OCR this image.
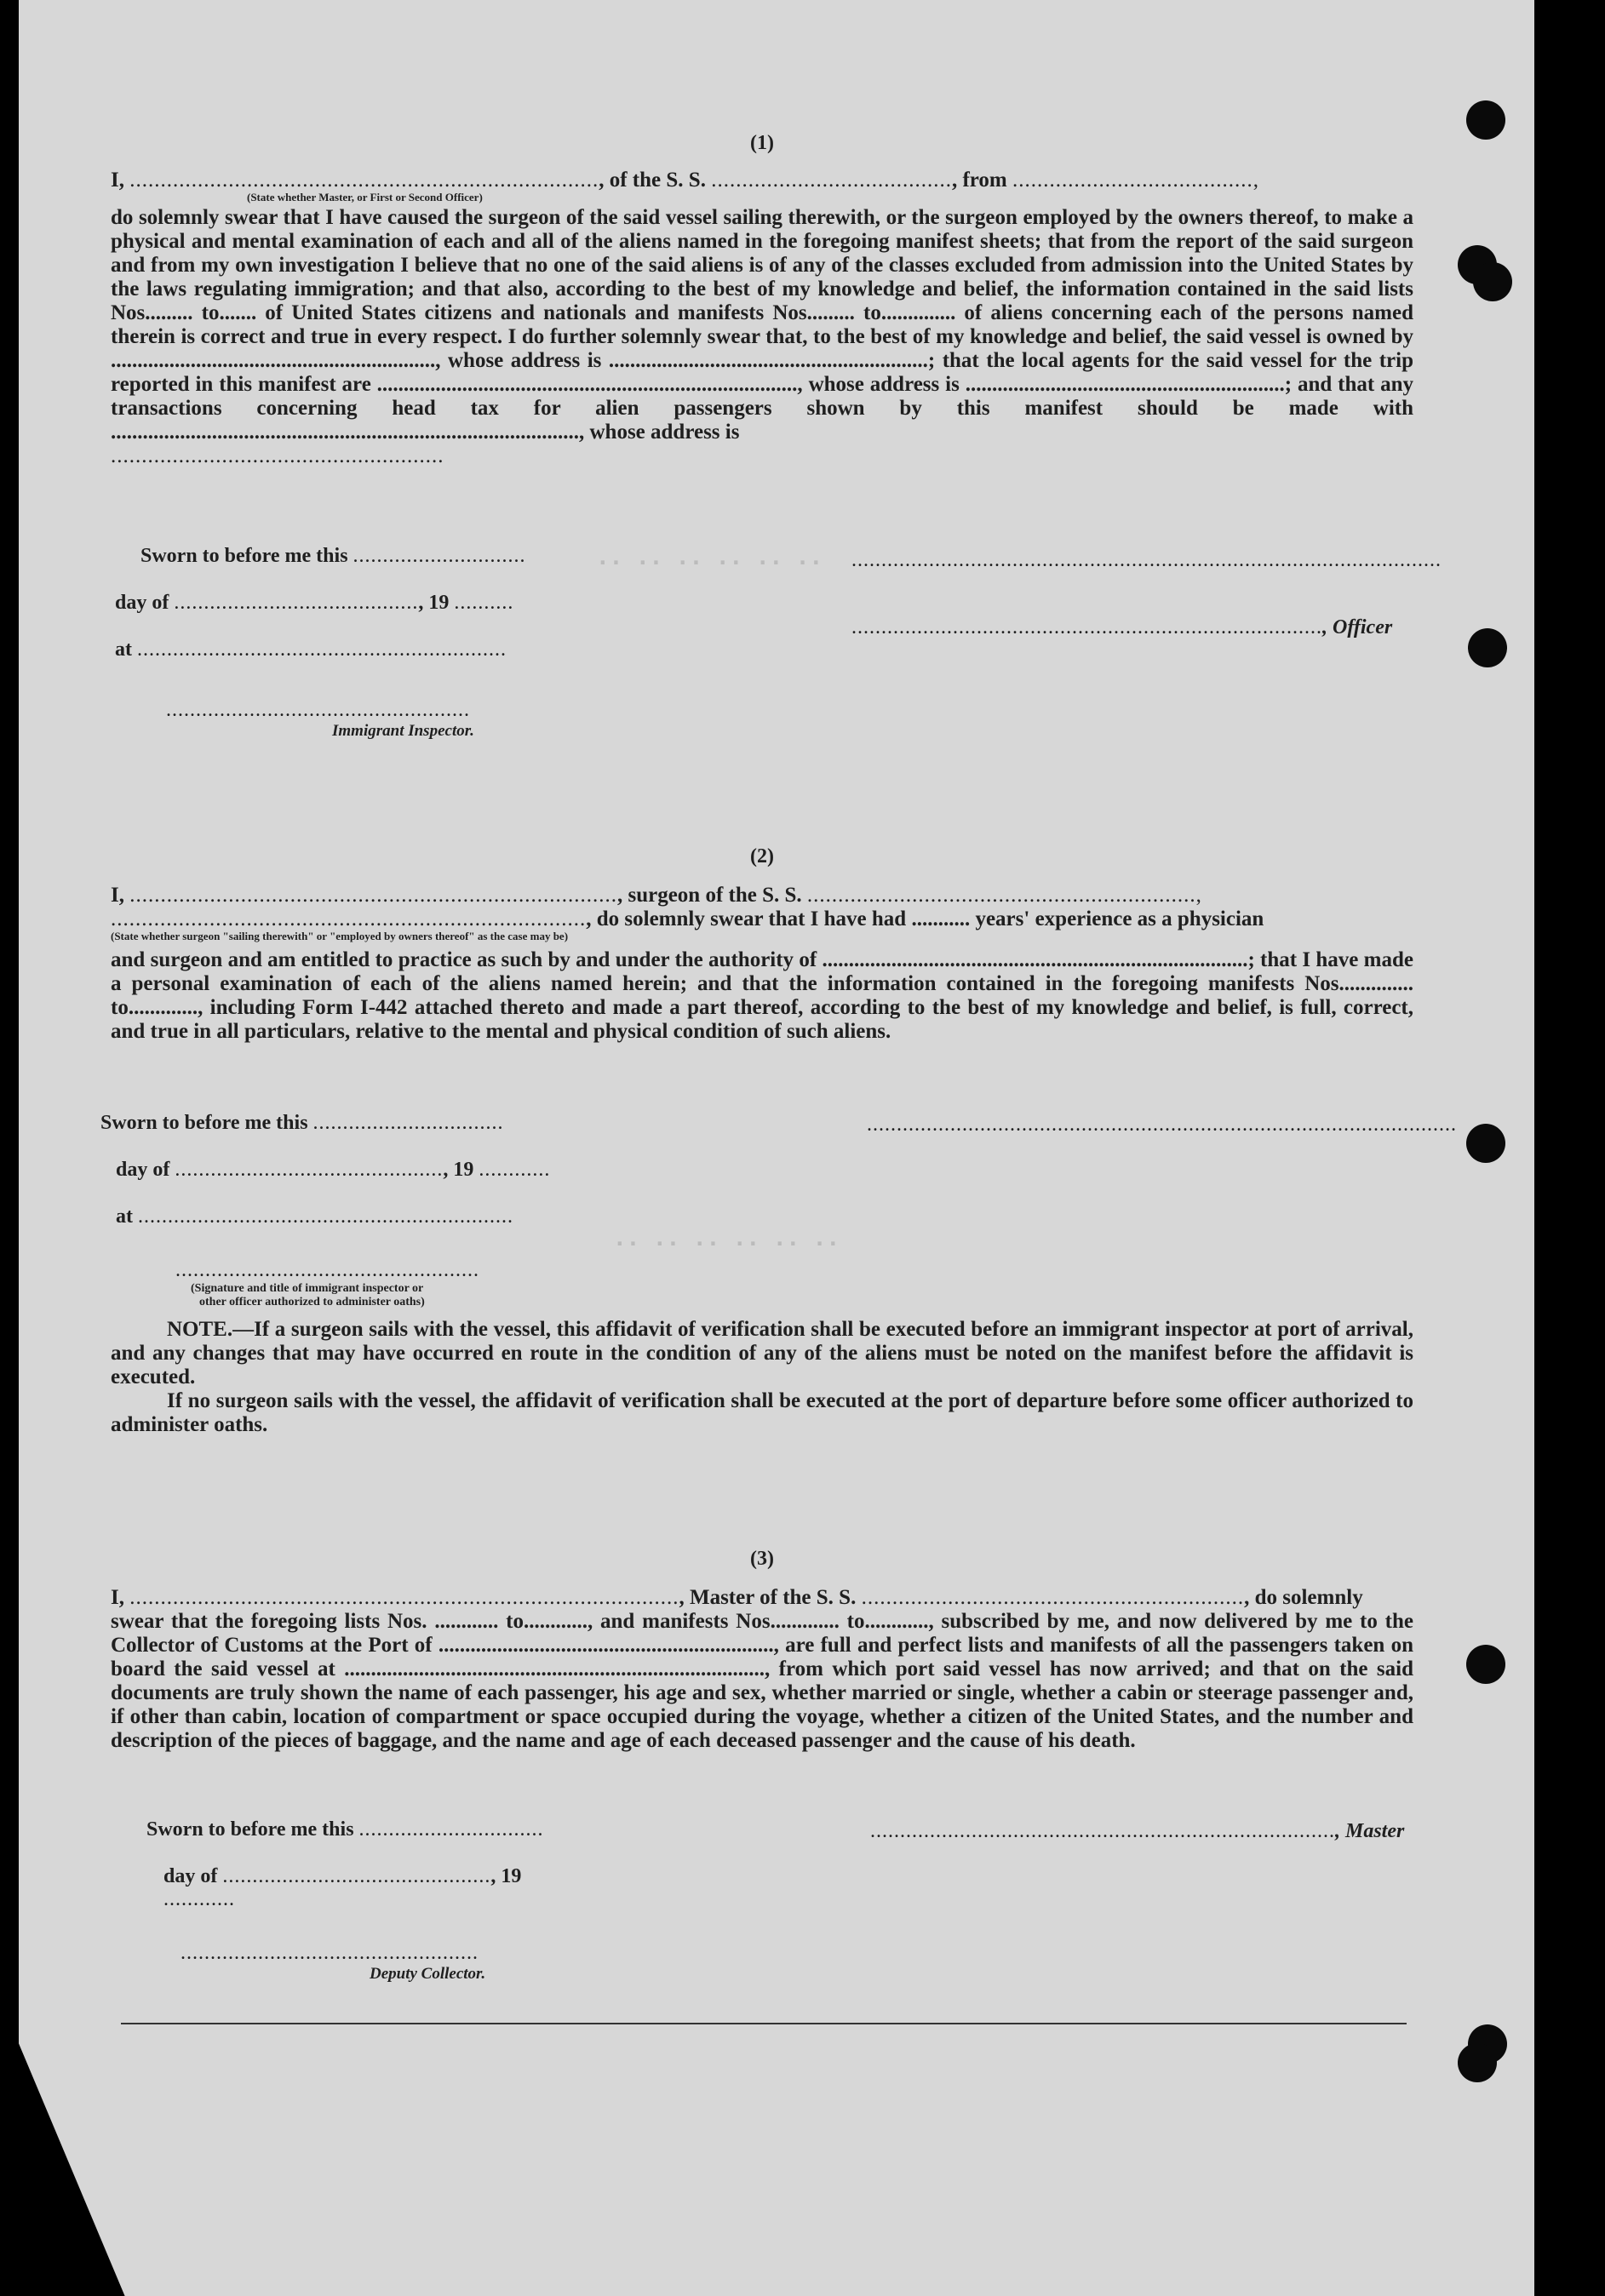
.. .. .. .. .. ..
.. .. .. .. .. ..
(1)
I, ............................................................................, of the S. S. ......................................., from .......................................,
(State whether Master, or First or Second Officer)
do solemnly swear that I have caused the surgeon of the said vessel sailing therewith, or the surgeon employed by the owners thereof, to make a physical and mental examination of each and all of the aliens named in the foregoing manifest sheets; that from the report of the said surgeon and from my own investigation I believe that no one of the said aliens is of any of the classes excluded from admission into the United States by the laws regulating immigration; and that also, according to the best of my knowledge and belief, the information contained in the said lists Nos......... to....... of United States citizens and nationals and manifests Nos......... to.............. of aliens concerning each of the persons named therein is correct and true in every respect. I do further solemnly swear that, to the best of my knowledge and belief, the said vessel is owned by ............................................................., whose address is ............................................................; that the local agents for the said vessel for the trip reported in this manifest are ..............................................................................., whose address is ............................................................; and that any transactions concerning head tax for alien passengers shown by this manifest should be made with ........................................................................................, whose address is
......................................................
Sworn to before me this .............................
day of ........................................., 19 ..........
at ..............................................................
...................................................
Immigrant Inspector.
...................................................................................................
..............................................................................., Officer
(2)
I, ..............................................................................., surgeon of the S. S. ...............................................................,
............................................................................., do solemnly swear that I have had ........... years' experience as a physician
(State whether surgeon "sailing therewith" or "employed by owners thereof" as the case may be)
and surgeon and am entitled to practice as such by and under the authority of ................................................................................; that I have made a personal examination of each of the aliens named herein; and that the information contained in the foregoing manifests Nos.............. to............., including Form I-442 attached thereto and made a part thereof, according to the best of my knowledge and belief, is full, correct, and true in all particulars, relative to the mental and physical condition of such aliens.
Sworn to before me this ................................
day of ............................................., 19 ............
at ...............................................................
...................................................
(Signature and title of immigrant inspector or
other officer authorized to administer oaths)
...................................................................................................
NOTE.—If a surgeon sails with the vessel, this affidavit of verification shall be executed before an immigrant inspector at port of arrival, and any changes that may have occurred en route in the condition of any of the aliens must be noted on the manifest before the affidavit is executed.
If no surgeon sails with the vessel, the affidavit of verification shall be executed at the port of departure before some officer authorized to administer oaths.
(3)
I, ........................................................................................., Master of the S. S. .............................................................., do solemnly
swear that the foregoing lists Nos. ............ to............, and manifests Nos............. to............, subscribed by me, and now delivered by me to the Collector of Customs at the Port of ..............................................................., are full and perfect lists and manifests of all the passengers taken on board the said vessel at ..............................................................................., from which port said vessel has now arrived; and that on the said documents are truly shown the name of each passenger, his age and sex, whether married or single, whether a cabin or steerage passenger and, if other than cabin, location of compartment or space occupied during the voyage, whether a citizen of the United States, and the number and description of the pieces of baggage, and the name and age of each deceased passenger and the cause of his death.
Sworn to before me this ...............................
day of ............................................., 19 ............
..................................................
Deputy Collector.
.............................................................................., Master
